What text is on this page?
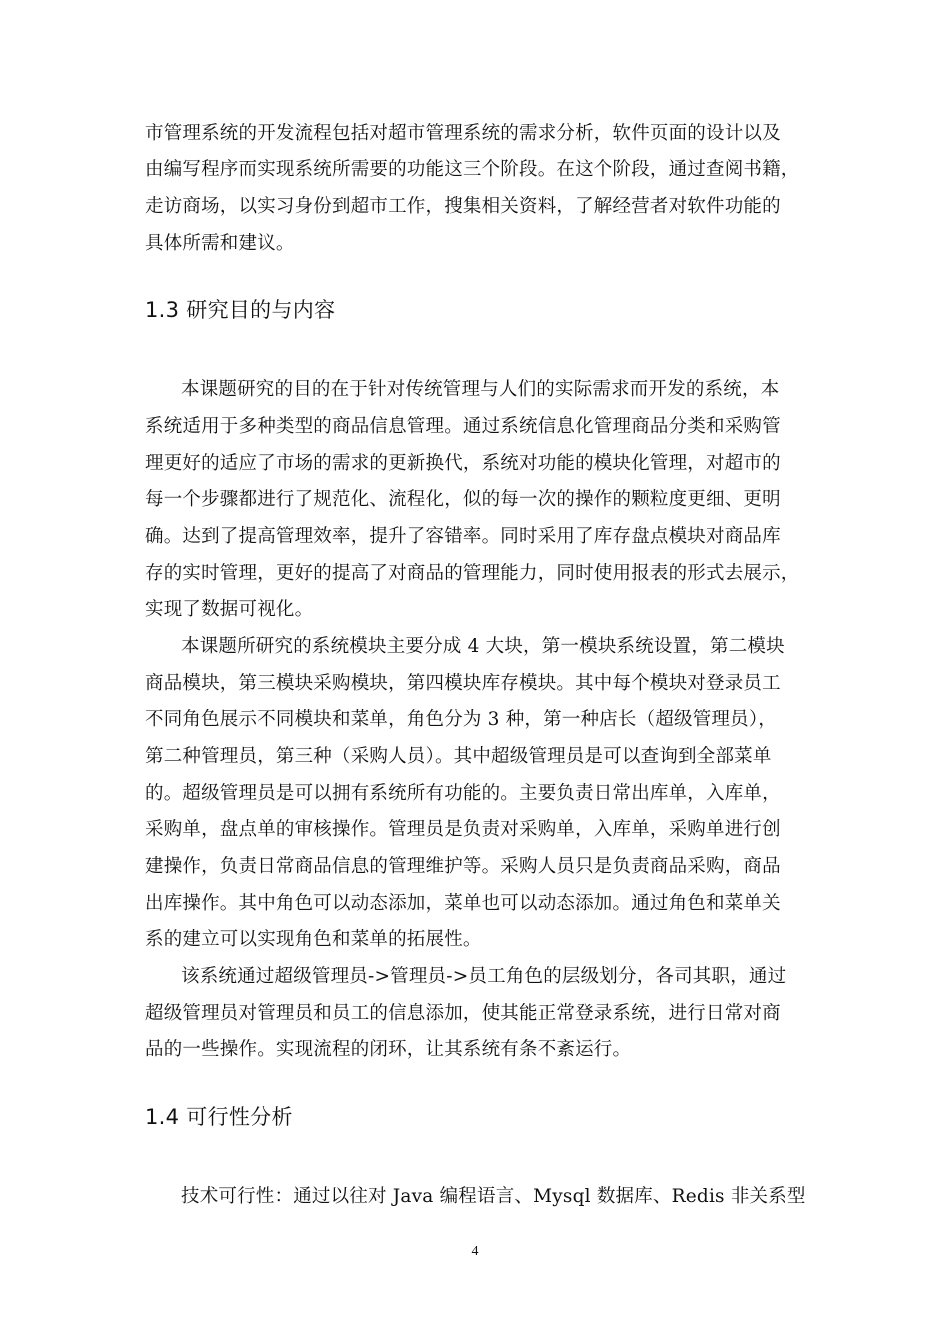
市管理系统的开发流程包括对超市管理系统的需求分析，软件页面的设计以及
由编写程序而实现系统所需要的功能这三个阶段。在这个阶段，通过查阅书籍，
走访商场，以实习身份到超市工作，搜集相关资料，了解经营者对软件功能的
具体所需和建议。
1.3 研究目的与内容
本课题研究的目的在于针对传统管理与人们的实际需求而开发的系统，本
系统适用于多种类型的商品信息管理。通过系统信息化管理商品分类和采购管
理更好的适应了市场的需求的更新换代，系统对功能的模块化管理，对超市的
每一个步骤都进行了规范化、流程化，似的每一次的操作的颗粒度更细、更明
确。达到了提高管理效率，提升了容错率。同时采用了库存盘点模块对商品库
存的实时管理，更好的提高了对商品的管理能力，同时使用报表的形式去展示，
实现了数据可视化。
本课题所研究的系统模块主要分成 4 大块，第一模块系统设置，第二模块
商品模块，第三模块采购模块，第四模块库存模块。其中每个模块对登录员工
不同角色展示不同模块和菜单，角色分为 3 种，第一种店长（超级管理员），
第二种管理员，第三种（采购人员）。其中超级管理员是可以查询到全部菜单
的。超级管理员是可以拥有系统所有功能的。主要负责日常出库单，入库单，
采购单，盘点单的审核操作。管理员是负责对采购单，入库单，采购单进行创
建操作，负责日常商品信息的管理维护等。采购人员只是负责商品采购，商品
出库操作。其中角色可以动态添加，菜单也可以动态添加。通过角色和菜单关
系的建立可以实现角色和菜单的拓展性。
该系统通过超级管理员->管理员->员工角色的层级划分，各司其职，通过
超级管理员对管理员和员工的信息添加，使其能正常登录系统，进行日常对商
品的一些操作。实现流程的闭环，让其系统有条不紊运行。
1.4 可行性分析
技术可行性：通过以往对 Java 编程语言、Mysql 数据库、Redis 非关系型
4
